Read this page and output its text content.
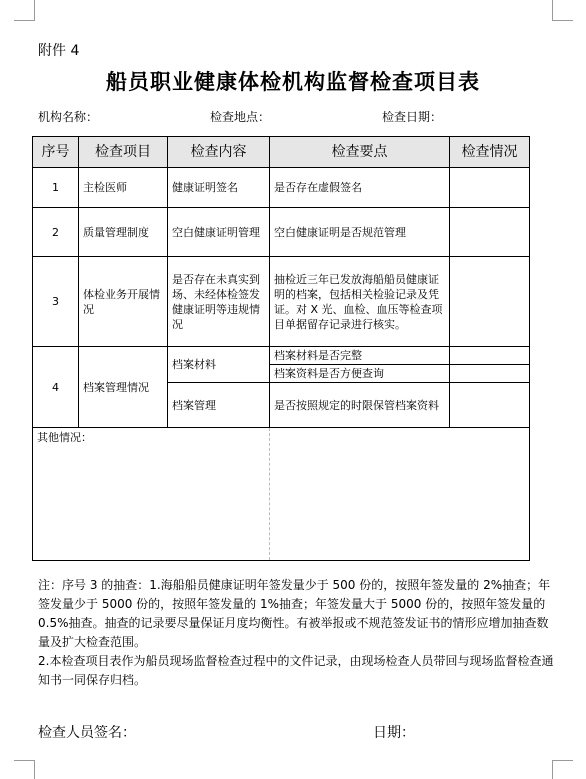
附件 4
船员职业健康体检机构监督检查项目表
机构名称：	检查地点：	检查日期：
序号	检查项目	检查内容	检查要点	检查情况
1	主检医师	健康证明签名	是否存在虚假签名	
2	质量管理制度	空白健康证明管理	空白健康证明是否规范管理	
3	体检业务开展情况	是否存在未真实到场、未经体检签发健康证明等违规情况	抽检近三年已发放海船船员健康证明的档案，包括相关检验记录及凭证。对 X 光、血检、血压等检查项目单据留存记录进行核实。	
4	档案管理情况	档案材料	档案材料是否完整	
			档案资料是否方便查询	
		档案管理	是否按照规定的时限保管档案资料	
其他情况：				

注：序号 3 的抽查：1.海船船员健康证明年签发量少于 500 份的，按照年签发量的 2%抽查；年签发量少于 5000 份的，按照年签发量的 1%抽查；年签发量大于 5000 份的，按照年签发量的 0.5%抽查。抽查的记录要尽量保证月度均衡性。有被举报或不规范签发证书的情形应增加抽查数量及扩大检查范围。

2.本检查项目表作为船员现场监督检查过程中的文件记录，由现场检查人员带回与现场监督检查通知书一同保存归档。

检查人员签名：	日期：
